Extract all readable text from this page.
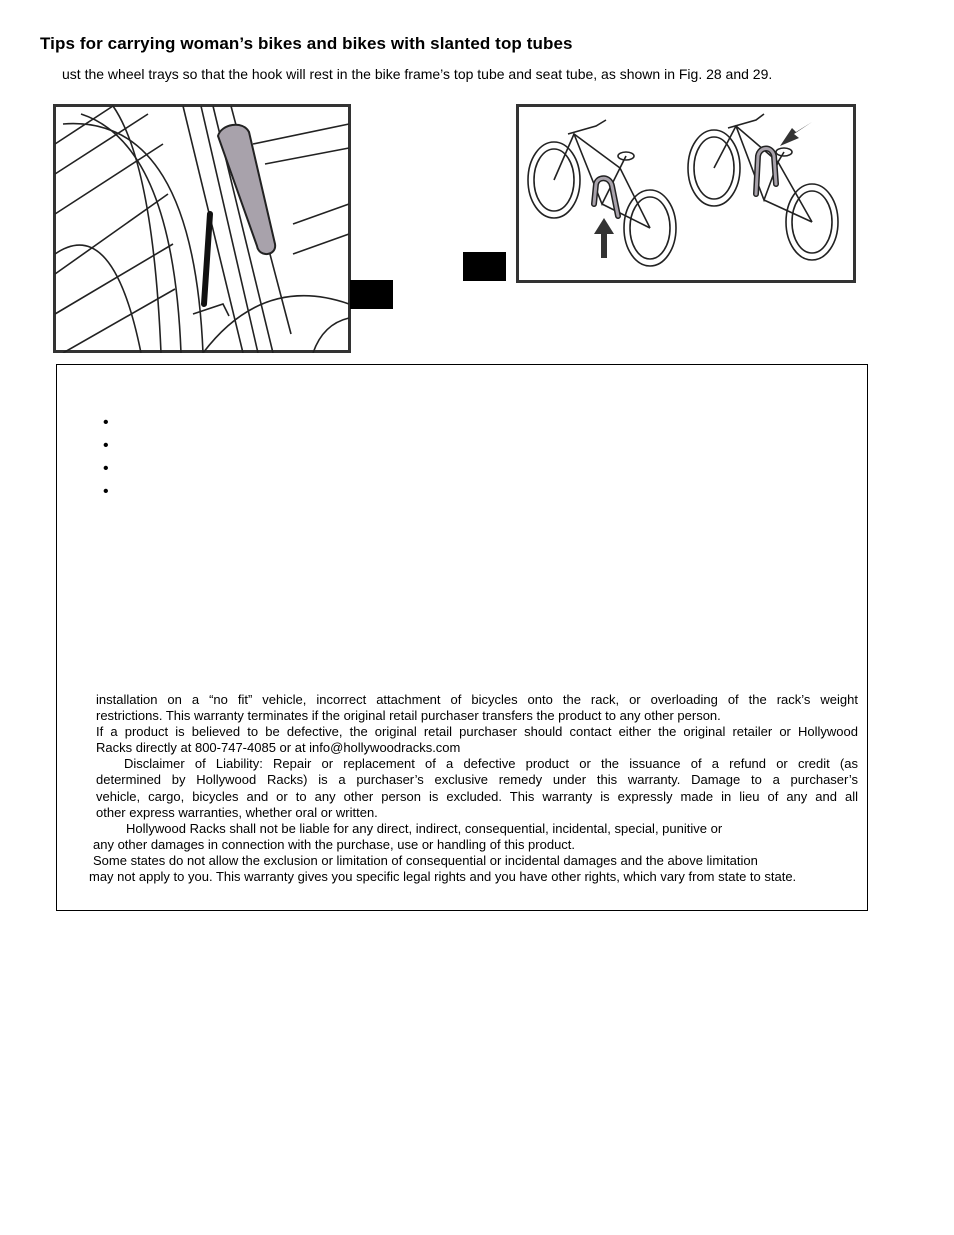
Tips for carrying woman’s bikes and bikes with slanted top tubes
ust the wheel trays so that the hook will rest in the bike frame’s top tube and seat tube, as shown in Fig. 28 and 29.
•
•
•
•
installation on a “no fit” vehicle, incorrect attachment of bicycles onto the rack, or overloading of the rack’s weight
restrictions. This warranty terminates if the original retail purchaser transfers the product to any other person.
If a product is believed to be defective, the original retail purchaser should contact either the original retailer or Hollywood
Racks directly at 800-747-4085 or at info@hollywoodracks.com
Disclaimer of Liability: Repair or replacement of a defective product or the issuance of a refund or credit (as
determined by Hollywood Racks) is a purchaser’s exclusive remedy under this warranty. Damage to a purchaser’s
vehicle, cargo, bicycles and or to any other person is excluded. This warranty is expressly made in lieu of any and all
other express warranties, whether oral or written.
Hollywood Racks shall not be liable for any direct, indirect, consequential, incidental, special, punitive or
any other damages in connection with the purchase, use or handling of this product.
Some states do not allow the exclusion or limitation of consequential or incidental damages and the above limitation
may not apply to you. This warranty gives you specific legal rights and you have other rights, which vary from state to state.
